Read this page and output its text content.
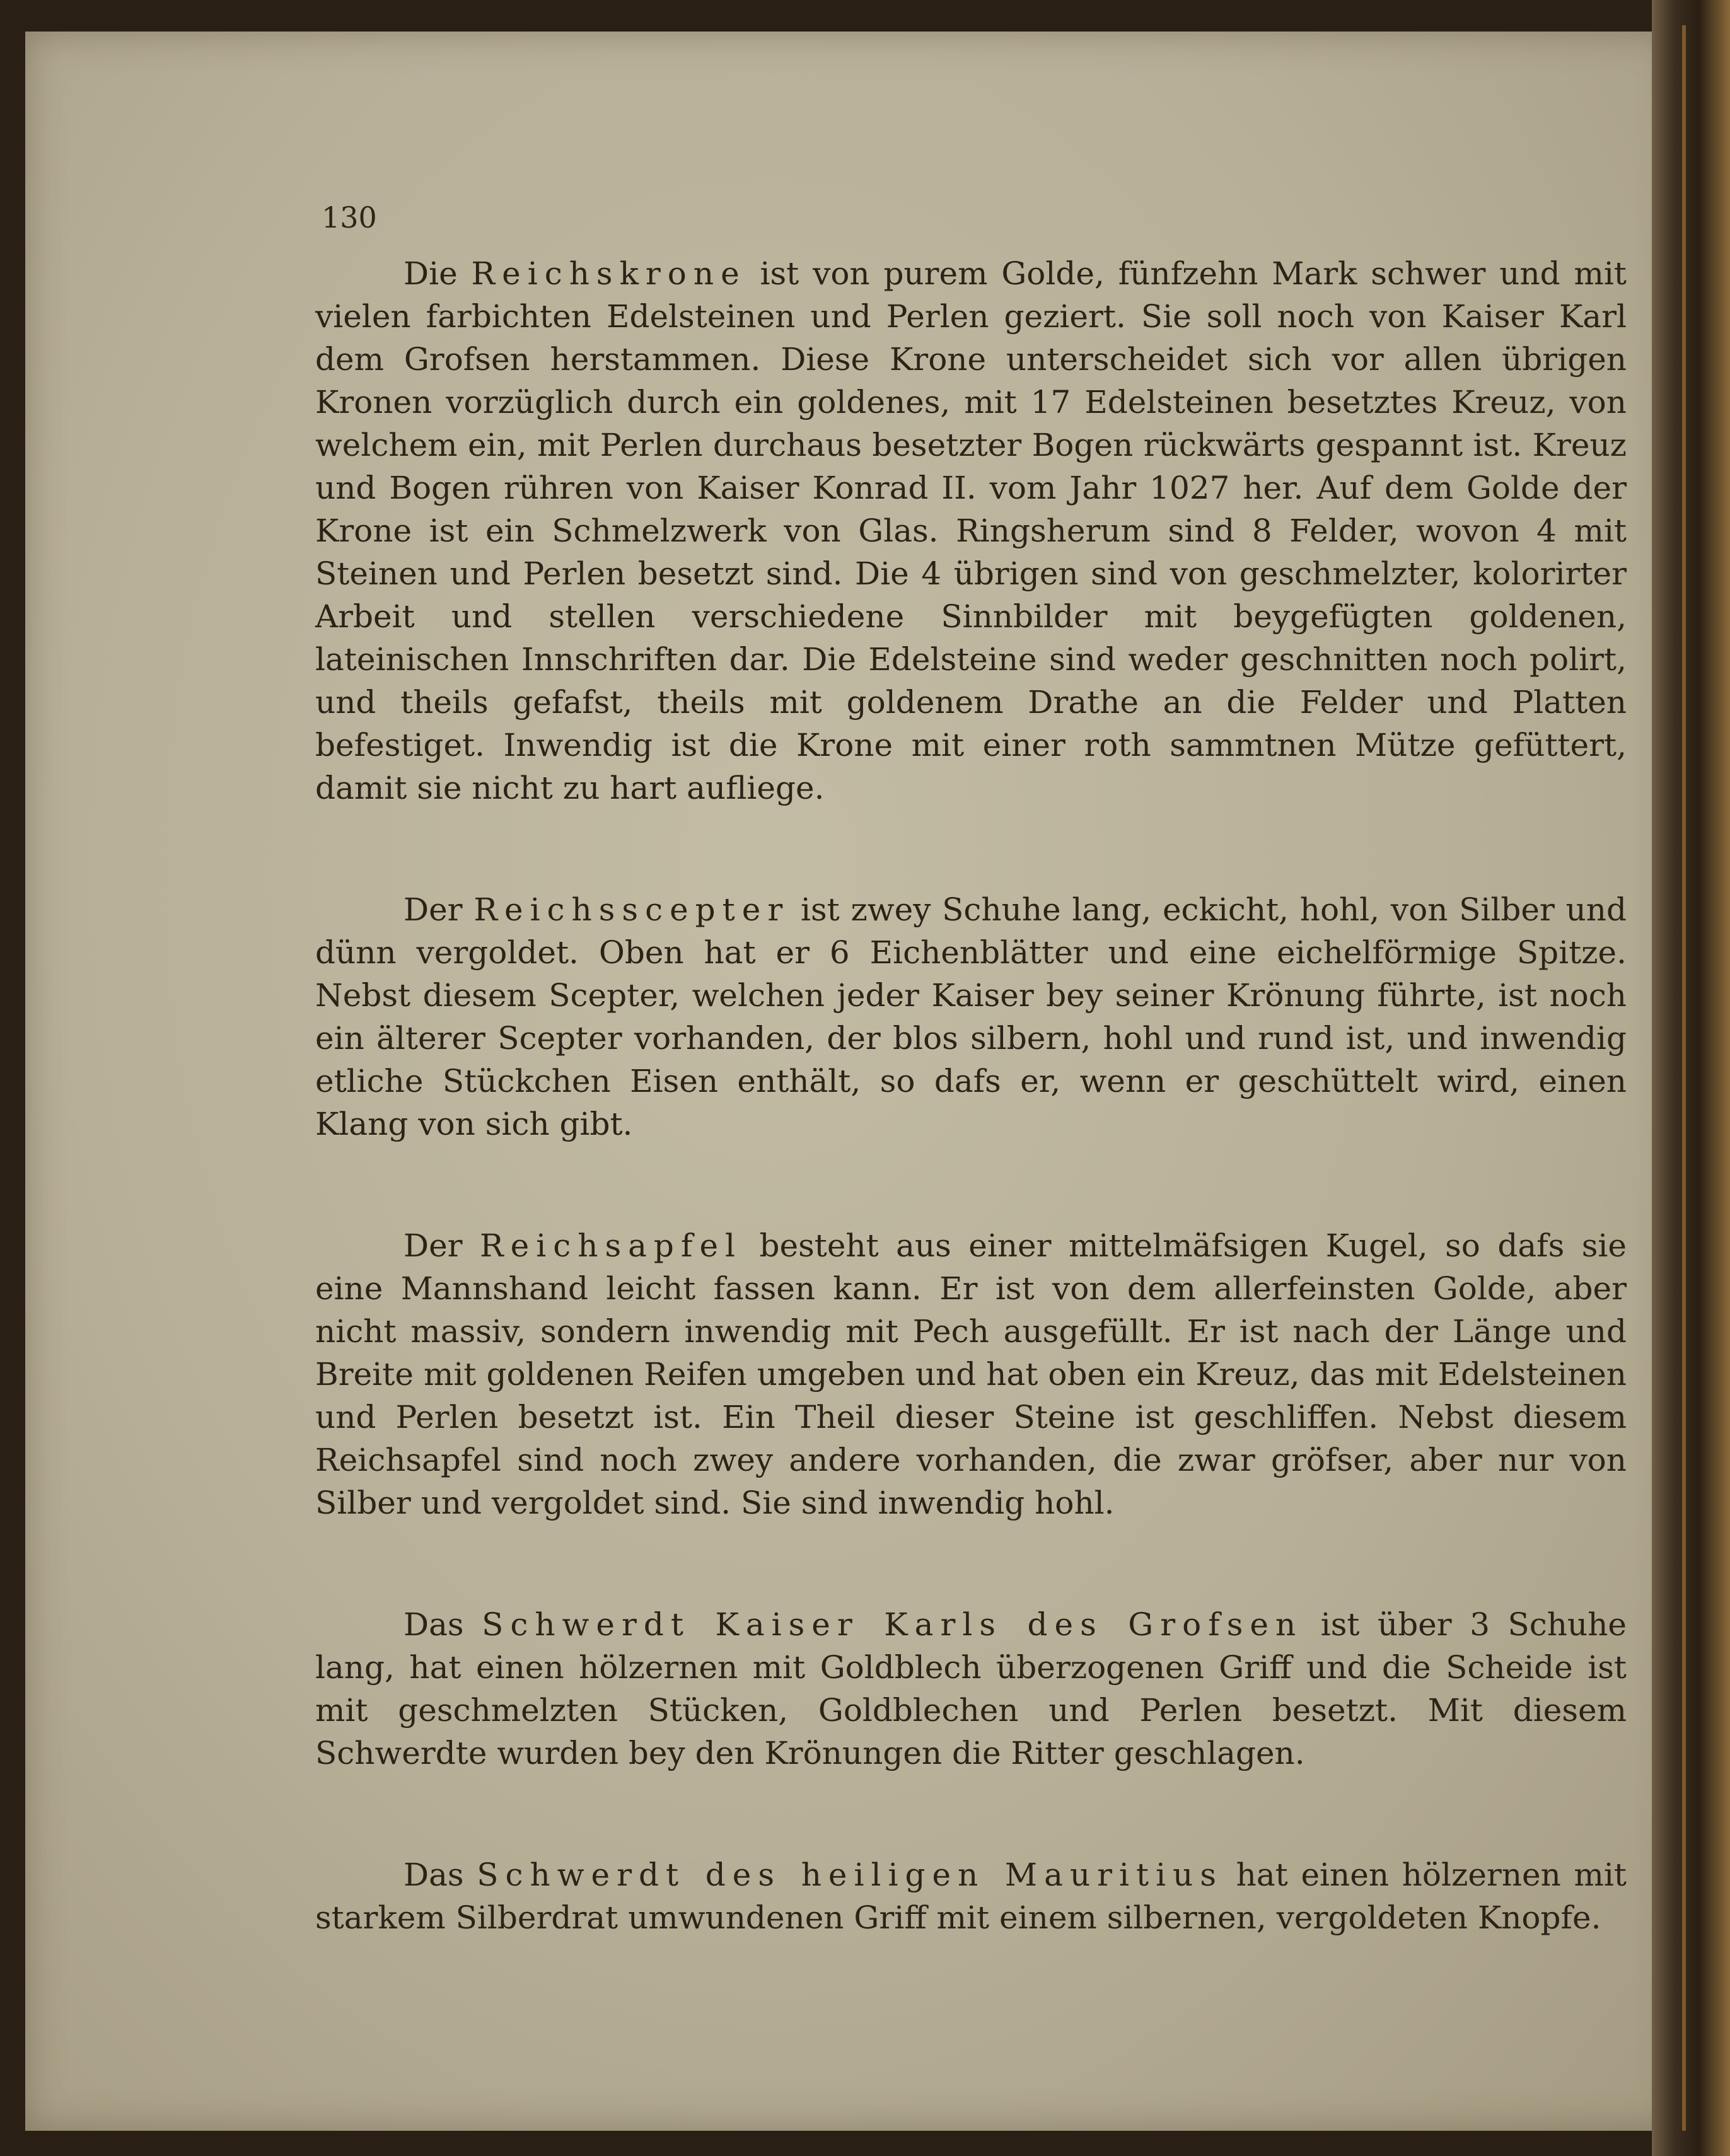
130

Die Reichskrone ist von purem Golde, fünfzehn Mark schwer und mit vielen farbichten Edelsteinen und Perlen geziert. Sie soll noch von Kaiser Karl dem Grofsen herstammen. Diese Krone unterscheidet sich vor allen übrigen Kronen vorzüglich durch ein goldenes, mit 17 Edelsteinen besetztes Kreuz, von welchem ein, mit Perlen durchaus besetzter Bogen rückwärts gespannt ist. Kreuz und Bogen rühren von Kaiser Konrad II. vom Jahr 1027 her. Auf dem Golde der Krone ist ein Schmelzwerk von Glas. Ringsherum sind 8 Felder, wovon 4 mit Steinen und Perlen besetzt sind. Die 4 übrigen sind von geschmelzter, kolorirter Arbeit und stellen verschiedene Sinnbilder mit beygefügten goldenen, lateinischen Innschriften dar. Die Edelsteine sind weder geschnitten noch polirt, und theils gefafst, theils mit goldenem Drathe an die Felder und Platten befestiget. Inwendig ist die Krone mit einer roth sammtnen Mütze gefüttert, damit sie nicht zu hart aufliege.

Der Reichsscepter ist zwey Schuhe lang, eckicht, hohl, von Silber und dünn vergoldet. Oben hat er 6 Eichenblätter und eine eichelförmige Spitze. Nebst diesem Scepter, welchen jeder Kaiser bey seiner Krönung führte, ist noch ein älterer Scepter vorhanden, der blos silbern, hohl und rund ist, und inwendig etliche Stückchen Eisen enthält, so dafs er, wenn er geschüttelt wird, einen Klang von sich gibt.

Der Reichsapfel besteht aus einer mittelmäfsigen Kugel, so dafs sie eine Mannshand leicht fassen kann. Er ist von dem allerfeinsten Golde, aber nicht massiv, sondern inwendig mit Pech ausgefüllt. Er ist nach der Länge und Breite mit goldenen Reifen umgeben und hat oben ein Kreuz, das mit Edelsteinen und Perlen besetzt ist. Ein Theil dieser Steine ist geschliffen. Nebst diesem Reichsapfel sind noch zwey andere vorhanden, die zwar gröfser, aber nur von Silber und vergoldet sind. Sie sind inwendig hohl.

Das Schwerdt Kaiser Karls des Grofsen ist über 3 Schuhe lang, hat einen hölzernen mit Goldblech überzogenen Griff und die Scheide ist mit geschmelzten Stücken, Goldblechen und Perlen besetzt. Mit diesem Schwerdte wurden bey den Krönungen die Ritter geschlagen.

Das Schwerdt des heiligen Mauritius hat einen hölzernen mit starkem Silberdrat umwundenen Griff mit einem silbernen, vergoldeten Knopfe.
